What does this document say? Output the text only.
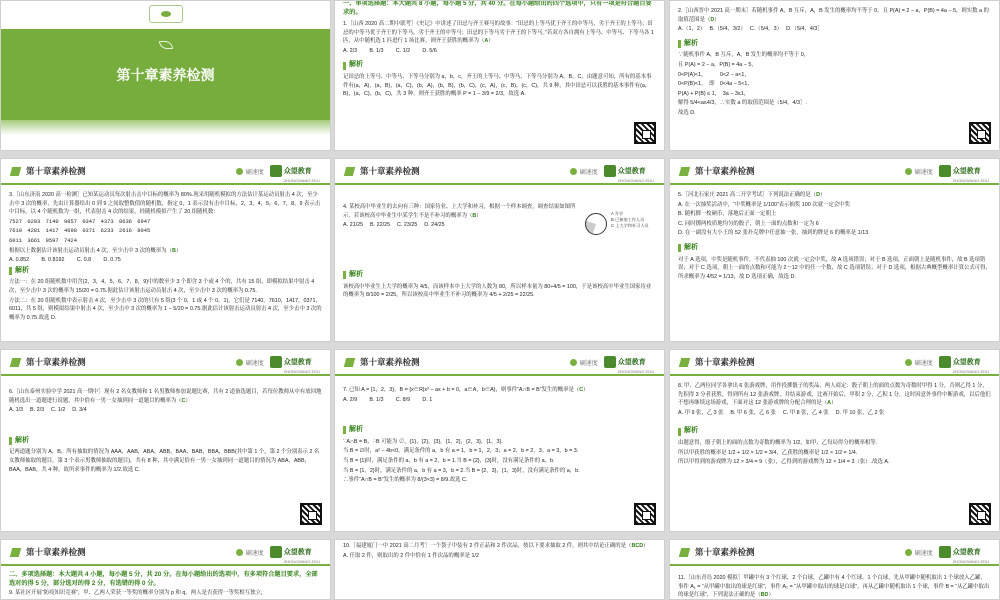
第十章素养检测

一、单项选择题：本大题共 8 小题，每小题 5 分，共 40 分。在每小题给出的四个选项中，只有一项是符合题目要求的。

1.［山西 2020 高二期中联考］《史记》中讲述了田忌与齐王赛马的故事：“田忌的上等马优于齐王的中等马，劣于齐王的上等马；田忌的中等马优于齐王的下等马，劣于齐王的中等马；田忌的下等马劣于齐王的下等马。”若双方各自拥有上等马、中等马、下等马各 1 匹，从中随机选 1 匹进行 1 场比赛，则齐王获胜的概率为（A）

A. 2/3　　 B. 1/3　　 C. 1/2　　 D. 5/6

解析

记田忌的上等马、中等马、下等马分别为 a，b，c，齐王的上等马、中等马、下等马分别为 A，B，C，由题意可知，所有的基本事件有(a，A)，(a，B)，(a，C)，(b，A)，(b，B)，(b，C)，(c，A)，(c，B)，(c，C)，共 9 种，其中田忌可以获胜的基本事件有(a，B)，(a，C)，(b，C)，共 3 种，则齐王获胜的概率 P = 1 − 3/9 = 2/3，故选 A.

2.［山西晋中 2021 高一期末］若随机事件 A，B 互斥，A，B 发生的概率均不等于 0，且 P(A) = 2 − a，P(B) = 4a − 5，则实数 a 的取值范围是（D）

A.（1，2）　 B.（5/4，3/2）　 C.（5/4，3）　 D.（5/4，4/3］

解析

∵随机事件 A，B 互斥，A，B 发生的概率均不等于 0，

且 P(A) = 2 − a，P(B) = 4a − 5，

0<P(A)<1，　　　0<2 − a<1，

0<P(B)<1，　即　0<4a − 5<1，

P(A) + P(B) ≤ 1，　3a − 3≤1，

解得 5/4<a≤4/3，∴实数 a 的取值范围是（5/4，4/3］.

故选 D.

第十章素养检测	刷速度	众望教育
ZHONGWANG EDU

3.［山东济南 2020 高一检测］已知某运动员每次射击击中目标的概率为 80%.现采用随机模拟的方法估计某运动员射击 4 次，至少击中 3 次的概率，先由计算器给出 0 到 9 之间取整数值的随机数，指定 0，1 表示没有击中目标，2，3，4，5，6，7，8，9 表示击中目标，以 4 个随机数为一组，代表射击 4 次的结果，经随机模拟产生了 20 组随机数：

7527　0293　7140　9857　0347　4373　8636　6947

7610　4281　1417　4698　0371　6233　2616　8045

6011　3661　9597　7424

根据以上数据估计该射击运动员射击 4 次，至少击中 3 次的概率为（B）

A. 0.852　　 B. 0.8192　　 C. 0.8　　 D. 0.75

解析

方法一：在 20 组随机数中用含(2，3，4，5，6，7，8，9)中的数至少 3 个即含 3 个或 4 个的，共有 15 组，即模拟结果中射击 4 次，至少击中 3 次的概率为 15/20 = 0.75.据此估计该射击运动员射击 4 次，至少击中 3 次的概率为 0.75.

方法二：在 20 组随机数中表示射击 4 次，至少击中 3 次的只有 5 组(3 个 0，1 或 4 个 0，1)，它们是 7140，7610，1417，0371，6011，共 5 组，则模拟结果中射击 4 次，至少击中 3 次的概率为 1 − 5/20 = 0.75.据此估计该射击运动员射击 4 次，至少击中 3 次的概率为 0.75.故选 D.

第十章素养检测	刷速度	众望教育
ZHONGWANG EDU

4. 某校高中毕业生的去向有三种：国家待业、上大学和补习，根据一个样本调查，调查结果如图所示，若该校高中毕业生中某学生不是不补习的概率为（B）

A. 21/25　 B. 22/25　 C. 23/25　 D. 24/25

A 升学
B 已参加工作人员
C 上大学和补习人员
解析

该校高中毕业生上大学的概率为 4/5，而该样本中上大学的人数为 80，所以样本量为 80÷4/5 = 100，于是该校高中毕业生国家待业的概率为 8/100 = 2/25，所以该校高中毕业生不补习的概率为 4/5 + 2/25 = 22/25.

第十章素养检测	刷速度	众望教育
ZHONGWANG EDU

5.［河北石家庄 2021 高二开学考试］下列说法正确的是（D）

A. 在一次抽奖活动中，“中奖概率是 1/100”表示抽奖 100 次就一定会中奖

B. 随机掷一枚硬币，落地后正面一定朝上

C. 同时掷两枚质地均匀的骰子，朝上一面的点数和一定为 6

D. 在一副没有大小王的 52 张扑克牌中任意抽一张，抽到的牌是 6 的概率是 1/13

解析

对于 A 选项，中奖是随机事件，不代表抽 100 次就一定会中奖，故 A 选项错误；对于 B 选项，正面朝上是随机事件，故 B 选项错误；对于 C 选项，朝上一面的点数和可能为 2～12 中的任一个数，故 C 选项错误；对于 D 选项，根据古典概型概率计算公式可得，所求概率为 4/52 = 1/13，故 D 选项正确，故选 D.

第十章素养检测	刷速度	众望教育
ZHONGWANG EDU

6.［山东泰州实验中学 2021 高一期中］现有 2 名女教师和 1 名男教师参加说题比赛，共有 2 道备选题目，若每位教师从中有放回地随机选出一道题进行说题，其中恰有一男一女抽到同一道题目的概率为（C）

A. 1/3　 B. 2/3　 C. 1/2　 D. 3/4

解析

记两道题分别为 A，B，所有抽取的情况为 AAA，AAB，ABA，ABB，BAA，BAB，BBA，BBB(其中第 1 个，第 2 个分别表示 2 名女教师抽取的题目，第 3 个表示男教师抽取的题目)，共有 8 种，其中满足恰有一男一女抽到同一道题目的情况为 ABA，ABB，BAA，BAB，共 4 种，故所求事件的概率为 1/2.故选 C.

第十章素养检测	刷速度	众望教育
ZHONGWANG EDU

7. 已知 A = {1，2，3}，B = {x∈R|x² − ax + b = 0，a∈A，b∈A}，则事件“A∩B = B”发生的概率是（C）

A. 2/9　　 B. 1/3　　 C. 8/9　　 D. 1

解析

∵A∩B = B，∴B 可能为 ∅，{1}，{2}，{3}，{1，2}，{2，3}，{1，3}.

当 B = ∅时，a² − 4b<0，满足条件的 a，b 有 a = 1，b = 1，2，3；a = 2，b = 2，3；a = 3，b = 3.

当 B = {1}时，满足条件的 a，b 有 a = 2，b = 1.当 B = {2}，{3}时，没有满足条件的 a，b.

当 B = {1，2}时，满足条件的 a，b 有 a = 3，b = 2.当 B = {2，3}，{1，3}时，没有满足条件的 a，b.

∴事件“A∩B = B”发生的概率为 8/(3×3) = 8/9.故选 C.

第十章素养检测	刷速度	众望教育
ZHONGWANG EDU

8. 甲、乙两位同学各拿出 6 张游戏牌，用作投掷骰子的奖品，两人商定：骰子朝上的面的点数为奇数时甲得 1 分，否则乙得 1 分，先积得 3 分者获胜，得到所有 12 张游戏牌，并结束游戏，比赛开始后，甲积 2 分，乙积 1 分，这时因意外事件中断游戏，以后他们不想再继续这场游戏，下面对这 12 张游戏牌的分配合理的是（A）

A. 甲 9 张，乙 3 张　 B. 甲 6 张，乙 6 张　 C. 甲 8 张，乙 4 张　 D. 甲 10 张，乙 2 张

解析

由题意得，骰子朝上的面的点数为奇数的概率为 1/2，如甲、乙每局得分的概率相等.

所以甲获胜的概率是 1/2 + 1/2 × 1/2 = 3/4，乙获胜的概率是 1/2 × 1/2 = 1/4.

所以甲得到的游戏牌为 12 × 3/4 = 9（张），乙得到的游戏牌为 12 × 1/4 = 3（张）.故选 A.

第十章素养检测	刷速度	众望教育
ZHONGWANG EDU

二、多项选择题：本大题共 4 小题，每小题 5 分，共 20 分。在每小题给出的选项中，有多项符合题目要求，全部选对的得 5 分，部分选对的得 2 分，有选错的得 0 分。

9. 某社区开展“防疫知识竞赛”，甲、乙两人荣获一等奖的概率分别为 p 和 q，两人是否获得一等奖相互独立，

10.［福建厦门一中 2021 高二月考］一个袋子中装有 2 件正品和 2 件次品，按以下要求抽取 2 件，则其中结论正确的是（BCD）

A. 任取 2 件，则取出的 2 件中恰有 1 件次品的概率是 1/2	第十章素养检测	刷速度	众望教育
ZHONGWANG EDU

11.［山东青岛 2020 模拟］甲罐中有 3 个红球，2 个白球，乙罐中有 4 个红球，1 个白球，先从甲罐中随机取出 1 个球放入乙罐，事件 A₁ = “从甲罐中取出的球是红球”，事件 A₂ = “从甲罐中取出的球是白球”，再从乙罐中随机取出 1 个球，事件 B = “从乙罐中取出的球是红球”，下列说法正确的是（BD）
